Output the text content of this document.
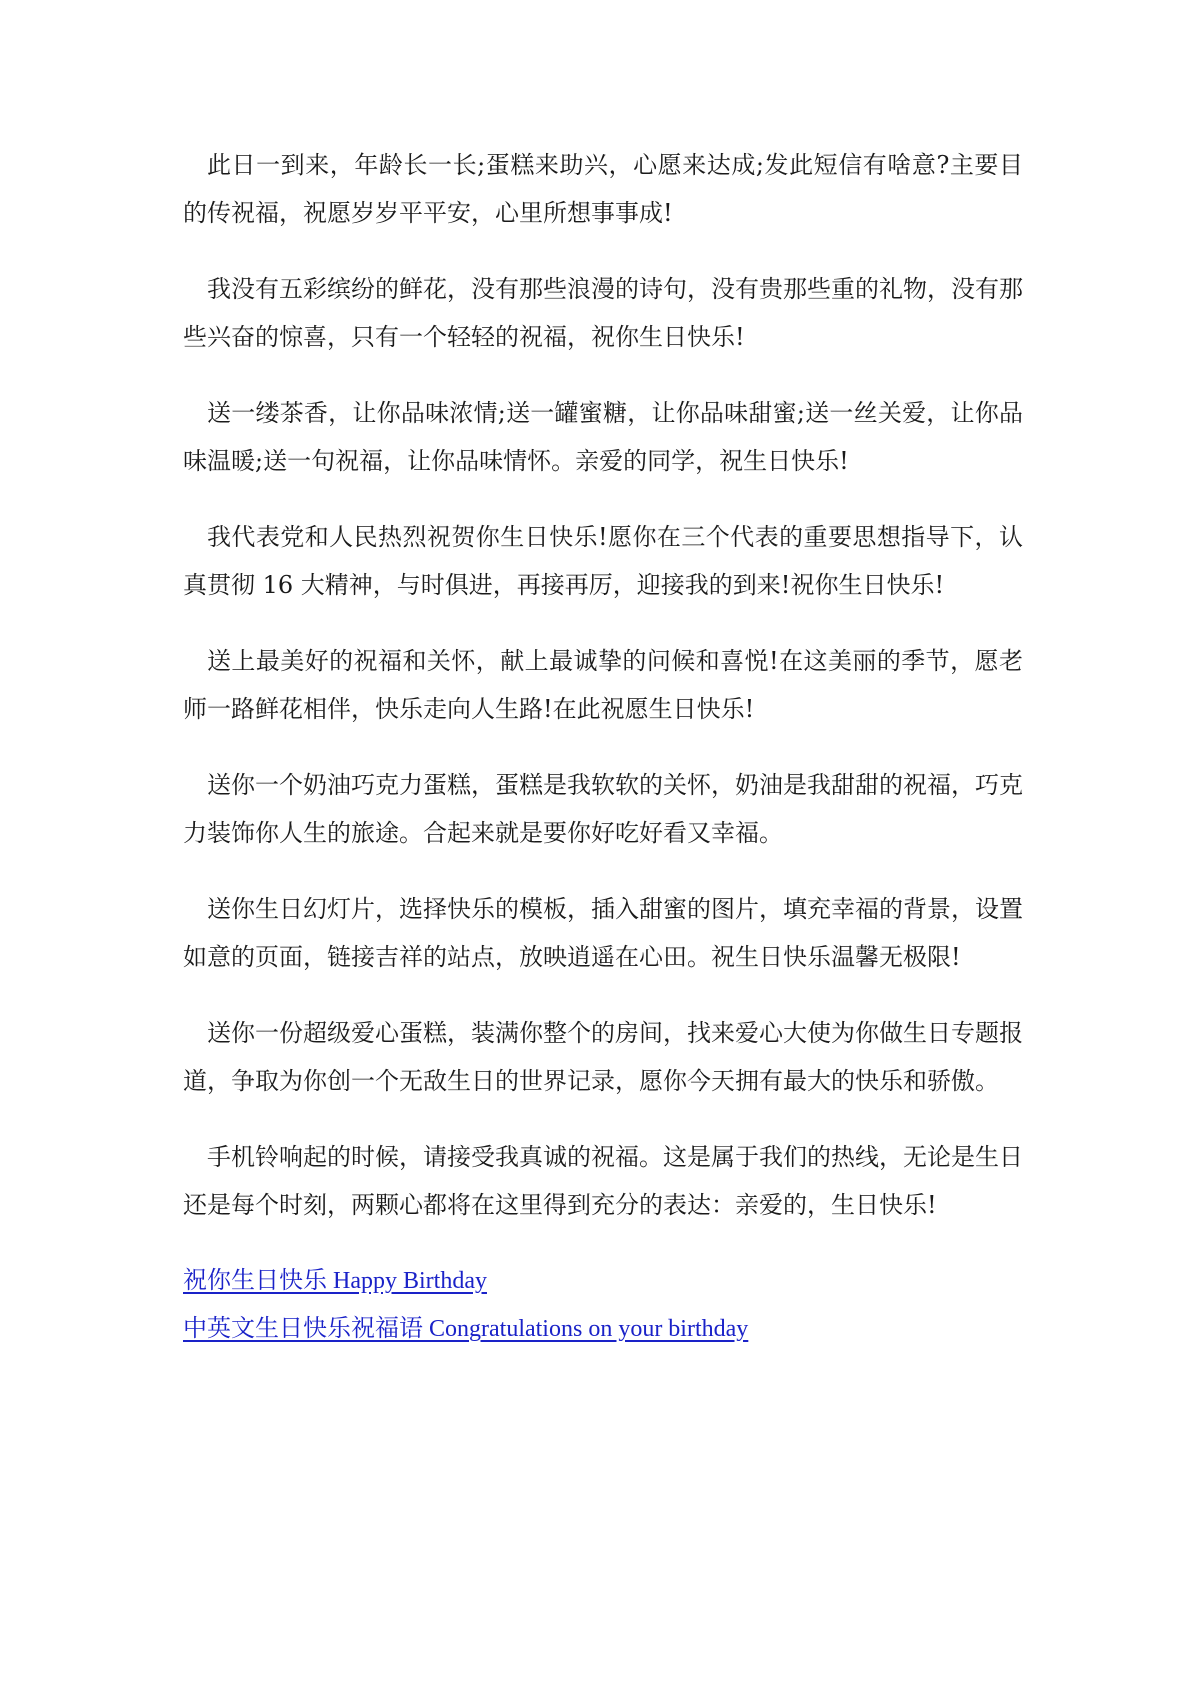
此日一到来，年龄长一长;蛋糕来助兴，心愿来达成;发此短信有啥意?主要目的传祝福，祝愿岁岁平平安，心里所想事事成!

我没有五彩缤纷的鲜花，没有那些浪漫的诗句，没有贵那些重的礼物，没有那些兴奋的惊喜，只有一个轻轻的祝福，祝你生日快乐!

送一缕茶香，让你品味浓情;送一罐蜜糖，让你品味甜蜜;送一丝关爱，让你品味温暖;送一句祝福，让你品味情怀。亲爱的同学，祝生日快乐!

我代表党和人民热烈祝贺你生日快乐!愿你在三个代表的重要思想指导下，认真贯彻 16 大精神，与时俱进，再接再厉，迎接我的到来!祝你生日快乐!

送上最美好的祝福和关怀，献上最诚挚的问候和喜悦!在这美丽的季节，愿老师一路鲜花相伴，快乐走向人生路!在此祝愿生日快乐!

送你一个奶油巧克力蛋糕，蛋糕是我软软的关怀，奶油是我甜甜的祝福，巧克力装饰你人生的旅途。合起来就是要你好吃好看又幸福。

送你生日幻灯片，选择快乐的模板，插入甜蜜的图片，填充幸福的背景，设置如意的页面，链接吉祥的站点，放映逍遥在心田。祝生日快乐温馨无极限!

送你一份超级爱心蛋糕，装满你整个的房间，找来爱心大使为你做生日专题报道，争取为你创一个无敌生日的世界记录，愿你今天拥有最大的快乐和骄傲。

手机铃响起的时候，请接受我真诚的祝福。这是属于我们的热线，无论是生日还是每个时刻，两颗心都将在这里得到充分的表达：亲爱的，生日快乐!

祝你生日快乐 Happy Birthday
中英文生日快乐祝福语 Congratulations on your birthday
